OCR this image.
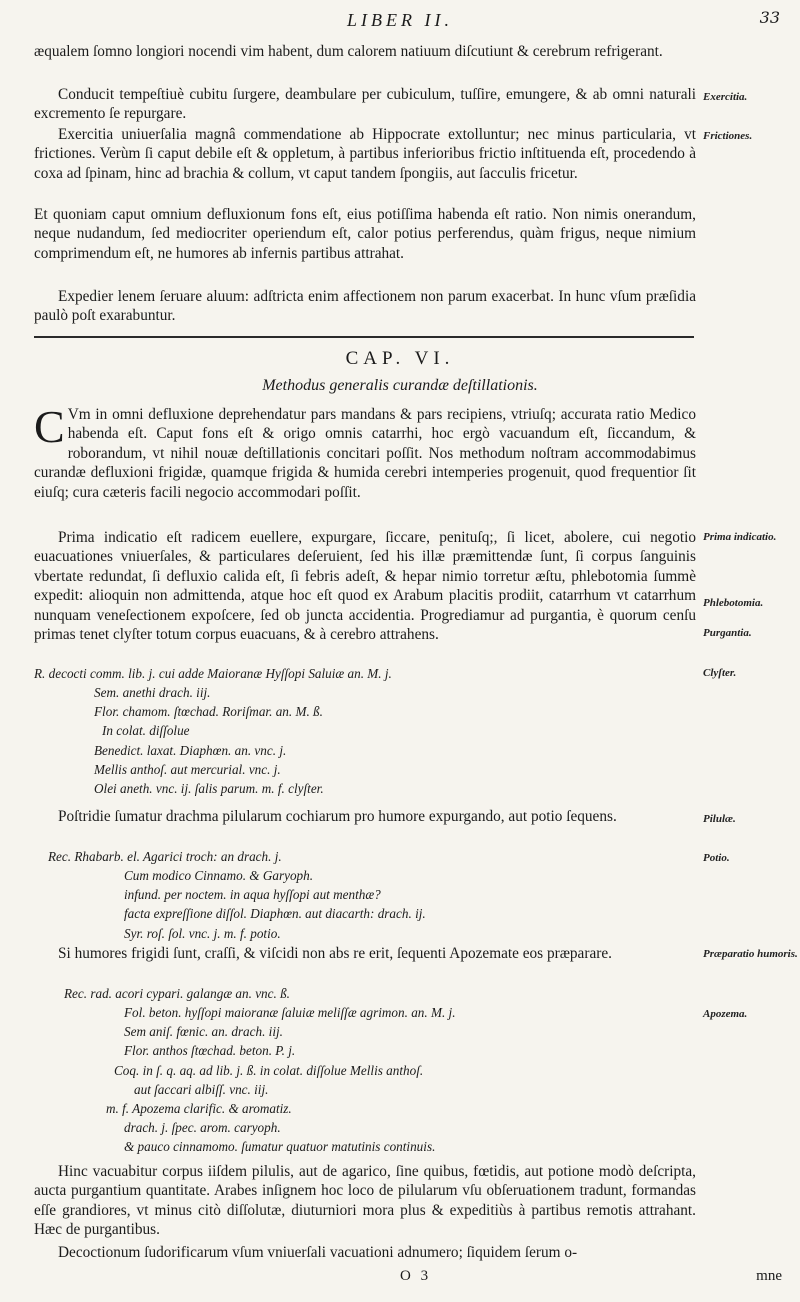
LIBER II.	33

æqualem ſomno longiori nocendi vim habent, dum calorem natiuum diſcutiunt & cerebrum refrigerant.

Conducit tempeſtiuè cubitu ſurgere, deambulare per cubiculum, tuſſire, emungere, & ab omni naturali excremento ſe repurgare.

Exercitia uniuerſalia magnâ commendatione ab Hippocrate extolluntur; nec minus particularia, vt frictiones. Verùm ſi caput debile eſt & oppletum, à partibus inferioribus frictio inſtituenda eſt, procedendo à coxa ad ſpinam, hinc ad brachia & collum, vt caput tandem ſpongiis, aut ſacculis fricetur.

Et quoniam caput omnium defluxionum fons eſt, eius potiſſima habenda eſt ratio. Non nimis onerandum, neque nudandum, ſed mediocriter operiendum eſt, calor potius perferendus, quàm frigus, neque nimium comprimendum eſt, ne humores ab infernis partibus attrahat.

Expedier lenem ſeruare aluum: adſtricta enim affectionem non parum exacerbat. In hunc vſum præſidia paulò poſt exarabuntur.

CAP. VI.
Methodus generalis curandæ deſtillationis.
C Vm in omni defluxione deprehendatur pars mandans & pars recipiens, vtriuſq; accurata ratio Medico habenda eſt. Caput fons eſt & origo omnis catarrhi, hoc ergò vacuandum eſt, ſiccandum, & roborandum, vt nihil nouæ deſtillationis concitari poſſit. Nos methodum noſtram accommodabimus curandæ defluxioni frigidæ, quamque frigida & humida cerebri intemperies progenuit, quod frequentior ſit eiuſq; cura cæteris facili negocio accommodari poſſit.

Prima indicatio eſt radicem euellere, expurgare, ſiccare, penituſq;, ſi licet, abolere, cui negotio euacuationes vniuerſales, & particulares deſeruient, ſed his illæ præmittendæ ſunt, ſi corpus ſanguinis vbertate redundat, ſi defluxio calida eſt, ſi febris adeſt, & hepar nimio torretur æſtu, phlebotomia ſummè expedit: alioquin non admittenda, atque hoc eſt quod ex Arabum placitis prodiit, catarrhum vt catarrhum nunquam veneſectionem expoſcere, ſed ob juncta accidentia. Progrediamur ad purgantia, è quorum cenſu primas tenet clyſter totum corpus euacuans, & à cerebro attrahens.

R. decocti comm. lib. j. cui adde Maioranæ Hyſſopi Saluiæ an. M. j.
Sem. anethi drach. iij.
Flor. chamom. ſtœchad. Roriſmar. an. M. ß.
In colat. diſſolue
Benedict. laxat. Diaphœn. an. vnc. j.
Mellis anthoſ. aut mercurial. vnc. j.
Olei aneth. vnc. ij. ſalis parum. m. f. clyſter.

Poſtridie ſumatur drachma pilularum cochiarum pro humore expurgando, aut potio ſequens.

Rec. Rhabarb. el. Agarici troch: an drach. j.
Cum modico Cinnamo. & Garyoph.
infund. per noctem. in aqua hyſſopi aut menthæ?
facta expreſſione diſſol. Diaphœn. aut diacarth: drach. ij.
Syr. roſ. ſol. vnc. j. m. f. potio.

Si humores frigidi ſunt, craſſi, & viſcidi non abs re erit, ſequenti Apozemate eos præparare.

Rec. rad. acori cypari. galangæ an. vnc. ß.
Fol. beton. hyſſopi maioranæ ſaluiæ meliſſæ agrimon. an. M. j.
Sem aniſ. fœnic. an. drach. iij.
Flor. anthos ſtœchad. beton. P. j.
Coq. in ſ. q. aq. ad lib. j. ß. in colat. diſſolue Mellis anthoſ.
aut ſaccari albiſſ. vnc. iij.
m. f. Apozema clarific. & aromatiz.
drach. j. ſpec. arom. caryoph.
& pauco cinnamomo. ſumatur quatuor matutinis continuis.

Hinc vacuabitur corpus iiſdem pilulis, aut de agarico, ſine quibus, fœtidis, aut potione modò deſcripta, aucta purgantium quantitate. Arabes inſignem hoc loco de pilularum vſu obſeruationem tradunt, formandas eſſe grandiores, vt minus citò diſſolutæ, diuturniori mora plus & expeditiùs à partibus remotis attrahant. Hæc de purgantibus.

Decoctionum ſudorificarum vſum vniuerſali vacuationi adnumero; ſiquidem ſerum o-

Exercitia.
Frictiones.
Prima indicatio.
Phlebotomia.
Purgantia.
Clyſter.
Pilulæ.
Potio.
Præparatio humoris.
Apozema.
O 3	mne
